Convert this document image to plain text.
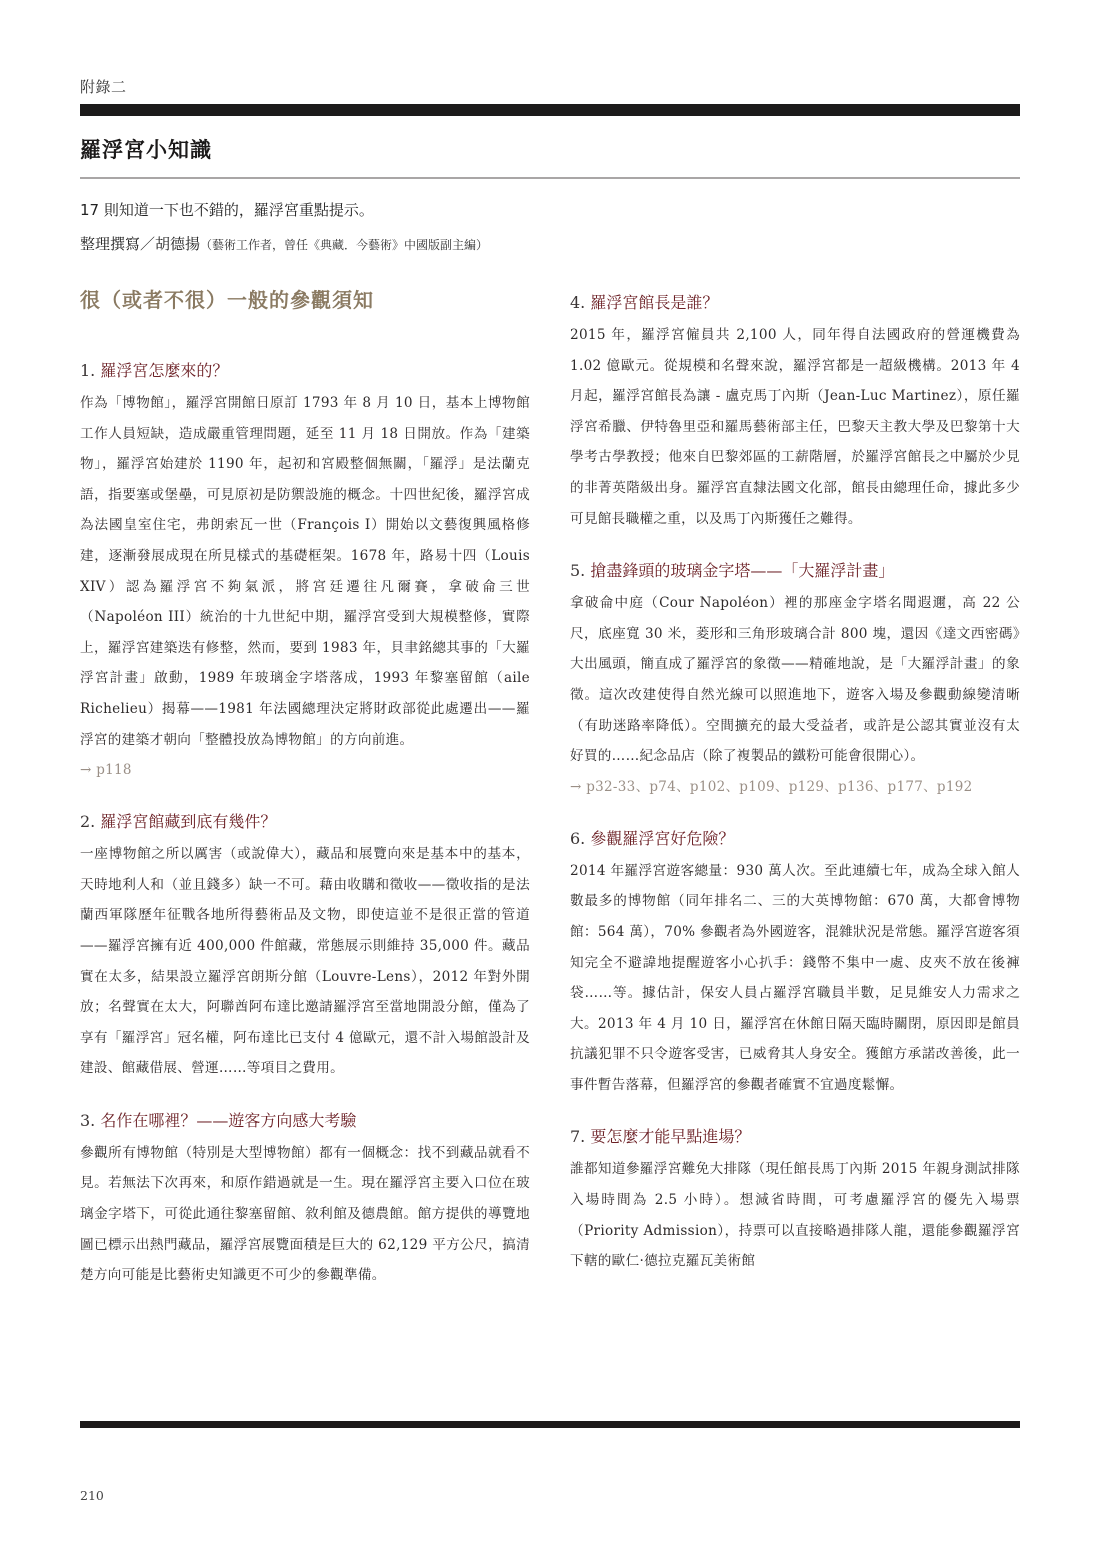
附錄二
羅浮宮小知識
17 則知道一下也不錯的，羅浮宮重點提示。
整理撰寫／胡德揚（藝術工作者，曾任《典藏．今藝術》中國版副主編）
很（或者不很）一般的參觀須知
1. 羅浮宮怎麼來的？
作為「博物館」，羅浮宮開館日原訂 1793 年 8 月 10 日，基本上博物館工作人員短缺，造成嚴重管理問題，延至 11 月 18 日開放。作為「建築物」，羅浮宮始建於 1190 年，起初和宮殿整個無關，「羅浮」是法蘭克語，指要塞或堡壘，可見原初是防禦設施的概念。十四世紀後，羅浮宮成為法國皇室住宅，弗朗索瓦一世（François I）開始以文藝復興風格修建，逐漸發展成現在所見樣式的基礎框架。1678 年，路易十四（Louis XIV）認為羅浮宮不夠氣派，將宮廷遷往凡爾賽，拿破侖三世（Napoléon III）統治的十九世紀中期，羅浮宮受到大規模整修，實際上，羅浮宮建築迭有修整，然而，要到 1983 年，貝聿銘總其事的「大羅浮宮計畫」啟動，1989 年玻璃金字塔落成，1993 年黎塞留館（aile Richelieu）揭幕——1981 年法國總理決定將財政部從此處遷出——羅浮宮的建築才朝向「整體投放為博物館」的方向前進。
→ p118
2. 羅浮宮館藏到底有幾件？
一座博物館之所以厲害（或說偉大），藏品和展覽向來是基本中的基本，天時地利人和（並且錢多）缺一不可。藉由收購和徵收——徵收指的是法蘭西軍隊歷年征戰各地所得藝術品及文物，即使這並不是很正當的管道——羅浮宮擁有近 400,000 件館藏，常態展示則維持 35,000 件。藏品實在太多，結果設立羅浮宮朗斯分館（Louvre-Lens），2012 年對外開放；名聲實在太大，阿聯酋阿布達比邀請羅浮宮至當地開設分館，僅為了享有「羅浮宮」冠名權，阿布達比已支付 4 億歐元，還不計入場館設計及建設、館藏借展、營運……等項目之費用。
3. 名作在哪裡？——遊客方向感大考驗
參觀所有博物館（特別是大型博物館）都有一個概念：找不到藏品就看不見。若無法下次再來，和原作錯過就是一生。現在羅浮宮主要入口位在玻璃金字塔下，可從此通往黎塞留館、敘利館及德農館。館方提供的導覽地圖已標示出熱門藏品，羅浮宮展覽面積是巨大的 62,129 平方公尺，搞清楚方向可能是比藝術史知識更不可少的參觀準備。
4. 羅浮宮館長是誰？
2015 年，羅浮宮僱員共 2,100 人，同年得自法國政府的營運機費為 1.02 億歐元。從規模和名聲來說，羅浮宮都是一超級機構。2013 年 4 月起，羅浮宮館長為讓 - 盧克馬丁內斯（Jean-Luc Martinez），原任羅浮宮希臘、伊特魯里亞和羅馬藝術部主任，巴黎天主教大學及巴黎第十大學考古學教授；他來自巴黎郊區的工薪階層，於羅浮宮館長之中屬於少見的非菁英階級出身。羅浮宮直隸法國文化部，館長由總理任命，據此多少可見館長職權之重，以及馬丁內斯獲任之難得。
5. 搶盡鋒頭的玻璃金字塔——「大羅浮計畫」
拿破侖中庭（Cour Napoléon）裡的那座金字塔名聞遐邇，高 22 公尺，底座寬 30 米，菱形和三角形玻璃合計 800 塊，還因《達文西密碼》大出風頭，簡直成了羅浮宮的象徵——精確地說，是「大羅浮計畫」的象徵。這次改建使得自然光線可以照進地下，遊客入場及參觀動線變清晰（有助迷路率降低）。空間擴充的最大受益者，或許是公認其實並沒有太好買的……紀念品店（除了複製品的鐵粉可能會很開心）。
→ p32-33、p74、p102、p109、p129、p136、p177、p192
6. 參觀羅浮宮好危險？
2014 年羅浮宮遊客總量：930 萬人次。至此連續七年，成為全球入館人數最多的博物館（同年排名二、三的大英博物館：670 萬，大都會博物館：564 萬），70% 參觀者為外國遊客，混雜狀況是常態。羅浮宮遊客須知完全不避諱地提醒遊客小心扒手：錢幣不集中一處、皮夾不放在後褲袋……等。據估計，保安人員占羅浮宮職員半數，足見維安人力需求之大。2013 年 4 月 10 日，羅浮宮在休館日隔天臨時關閉，原因即是館員抗議犯罪不只令遊客受害，已威脅其人身安全。獲館方承諾改善後，此一事件暫告落幕，但羅浮宮的參觀者確實不宜過度鬆懈。
7. 要怎麼才能早點進場？
誰都知道參羅浮宮難免大排隊（現任館長馬丁內斯 2015 年親身測試排隊入場時間為 2.5 小時）。想減省時間，可考慮羅浮宮的優先入場票（Priority Admission），持票可以直接略過排隊人龍，還能參觀羅浮宮下轄的歐仁·德拉克羅瓦美術館
210
